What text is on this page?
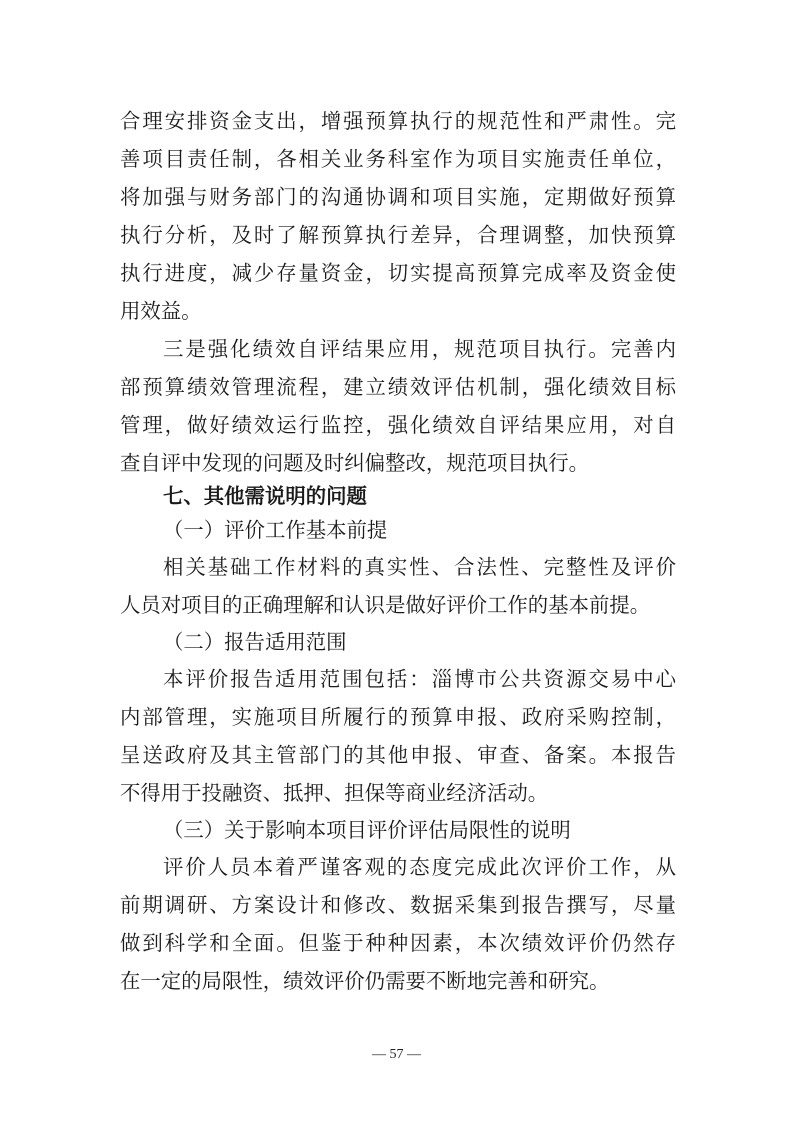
合理安排资金支出，增强预算执行的规范性和严肃性。完
善项目责任制，各相关业务科室作为项目实施责任单位，
将加强与财务部门的沟通协调和项目实施，定期做好预算
执行分析，及时了解预算执行差异，合理调整，加快预算
执行进度，减少存量资金，切实提高预算完成率及资金使
用效益。
三是强化绩效自评结果应用，规范项目执行。完善内
部预算绩效管理流程，建立绩效评估机制，强化绩效目标
管理，做好绩效运行监控，强化绩效自评结果应用，对自
查自评中发现的问题及时纠偏整改，规范项目执行。
七、其他需说明的问题
（一）评价工作基本前提
相关基础工作材料的真实性、合法性、完整性及评价
人员对项目的正确理解和认识是做好评价工作的基本前提。
（二）报告适用范围
本评价报告适用范围包括：淄博市公共资源交易中心
内部管理，实施项目所履行的预算申报、政府采购控制，
呈送政府及其主管部门的其他申报、审查、备案。本报告
不得用于投融资、抵押、担保等商业经济活动。
（三）关于影响本项目评价评估局限性的说明
评价人员本着严谨客观的态度完成此次评价工作，从
前期调研、方案设计和修改、数据采集到报告撰写，尽量
做到科学和全面。但鉴于种种因素，本次绩效评价仍然存
在一定的局限性，绩效评价仍需要不断地完善和研究。
— 57 —
